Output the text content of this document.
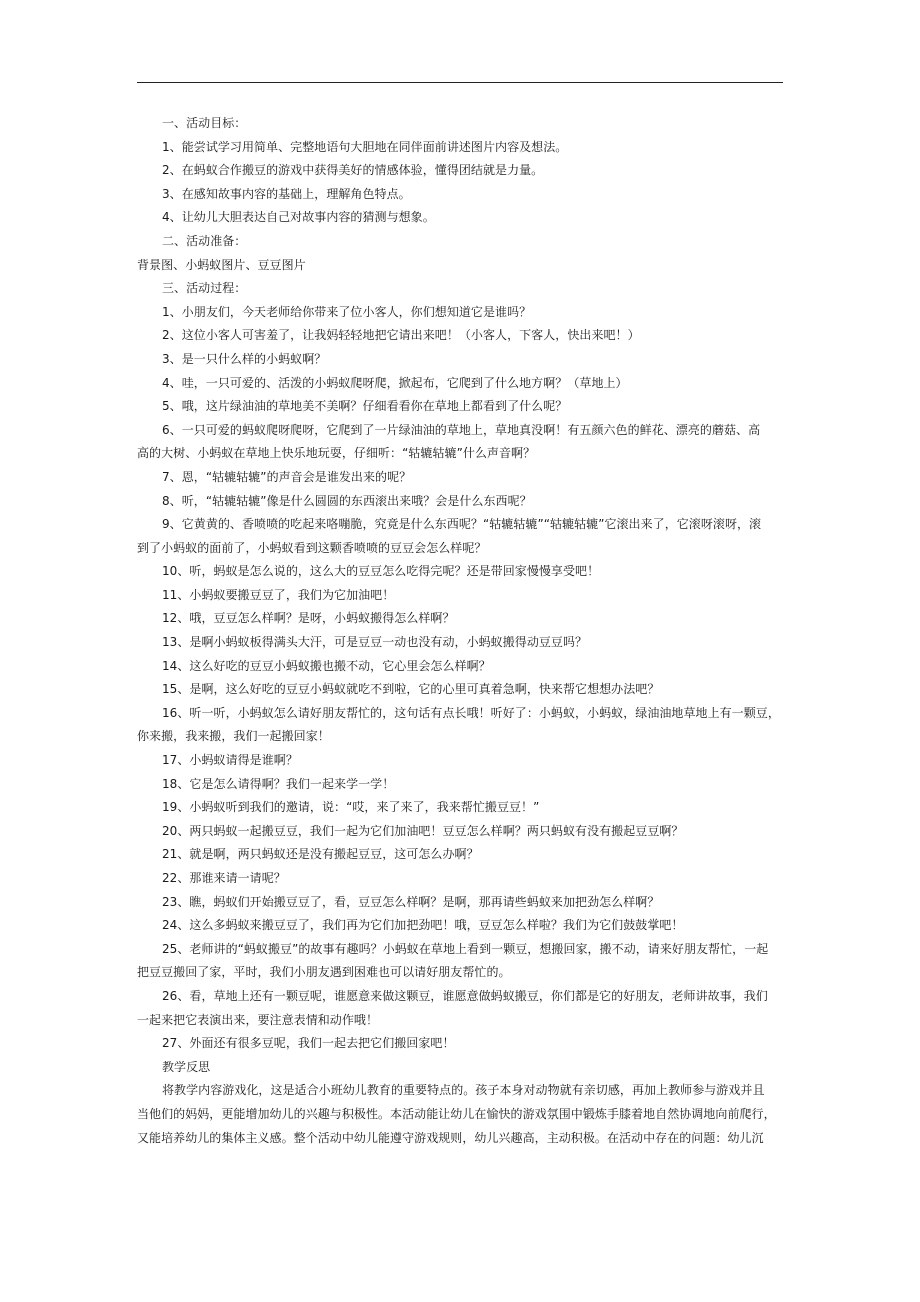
一、活动目标：
1、能尝试学习用简单、完整地语句大胆地在同伴面前讲述图片内容及想法。
2、在蚂蚁合作搬豆的游戏中获得美好的情感体验，懂得团结就是力量。
3、在感知故事内容的基础上，理解角色特点。
4、让幼儿大胆表达自己对故事内容的猜测与想象。
二、活动准备：
背景图、小蚂蚁图片、豆豆图片
三、活动过程：
1、小朋友们，今天老师给你带来了位小客人，你们想知道它是谁吗？
2、这位小客人可害羞了，让我妈轻轻地把它请出来吧！（小客人，下客人，快出来吧！）
3、是一只什么样的小蚂蚁啊？
4、哇，一只可爱的、活泼的小蚂蚁爬呀爬，掀起布，它爬到了什么地方啊？（草地上）
5、哦，这片绿油油的草地美不美啊？仔细看看你在草地上都看到了什么呢？
6、一只可爱的蚂蚁爬呀爬呀，它爬到了一片绿油油的草地上，草地真没啊！有五颜六色的鲜花、漂亮的蘑菇、高
高的大树、小蚂蚁在草地上快乐地玩耍，仔细听：“轱辘轱辘”什么声音啊？
7、恩，“轱辘轱辘”的声音会是谁发出来的呢？
8、听，“轱辘轱辘”像是什么圆圆的东西滚出来哦？会是什么东西呢？
9、它黄黄的、香喷喷的吃起来咯嘣脆，究竟是什么东西呢？“轱辘轱辘”“轱辘轱辘”它滚出来了，它滚呀滚呀，滚
到了小蚂蚁的面前了，小蚂蚁看到这颗香喷喷的豆豆会怎么样呢？
10、听，蚂蚁是怎么说的，这么大的豆豆怎么吃得完呢？还是带回家慢慢享受吧！
11、小蚂蚁要搬豆豆了，我们为它加油吧！
12、哦，豆豆怎么样啊？是呀，小蚂蚁搬得怎么样啊？
13、是啊小蚂蚁板得满头大汗，可是豆豆一动也没有动，小蚂蚁搬得动豆豆吗？
14、这么好吃的豆豆小蚂蚁搬也搬不动，它心里会怎么样啊？
15、是啊，这么好吃的豆豆小蚂蚁就吃不到啦，它的心里可真着急啊，快来帮它想想办法吧？
16、听一听，小蚂蚁怎么请好朋友帮忙的，这句话有点长哦！听好了：小蚂蚁，小蚂蚁，绿油油地草地上有一颗豆，
你来搬，我来搬，我们一起搬回家！
17、小蚂蚁请得是谁啊？
18、它是怎么请得啊？我们一起来学一学！
19、小蚂蚁听到我们的邀请，说：“哎，来了来了，我来帮忙搬豆豆！”
20、两只蚂蚁一起搬豆豆，我们一起为它们加油吧！豆豆怎么样啊？两只蚂蚁有没有搬起豆豆啊？
21、就是啊，两只蚂蚁还是没有搬起豆豆，这可怎么办啊？
22、那谁来请一请呢？
23、瞧，蚂蚁们开始搬豆豆了，看，豆豆怎么样啊？是啊，那再请些蚂蚁来加把劲怎么样啊？
24、这么多蚂蚁来搬豆豆了，我们再为它们加把劲吧！哦，豆豆怎么样啦？我们为它们鼓鼓掌吧！
25、老师讲的“蚂蚁搬豆”的故事有趣吗？小蚂蚁在草地上看到一颗豆，想搬回家，搬不动，请来好朋友帮忙，一起
把豆豆搬回了家，平时，我们小朋友遇到困难也可以请好朋友帮忙的。
26、看，草地上还有一颗豆呢，谁愿意来做这颗豆，谁愿意做蚂蚁搬豆，你们都是它的好朋友，老师讲故事，我们
一起来把它表演出来，要注意表情和动作哦！
27、外面还有很多豆呢，我们一起去把它们搬回家吧！
教学反思
将教学内容游戏化，这是适合小班幼儿教育的重要特点的。孩子本身对动物就有亲切感，再加上教师参与游戏并且
当他们的妈妈，更能增加幼儿的兴趣与积极性。本活动能让幼儿在愉快的游戏氛围中锻炼手膝着地自然协调地向前爬行，
又能培养幼儿的集体主义感。整个活动中幼儿能遵守游戏规则，幼儿兴趣高，主动积极。在活动中存在的问题：幼儿沉
